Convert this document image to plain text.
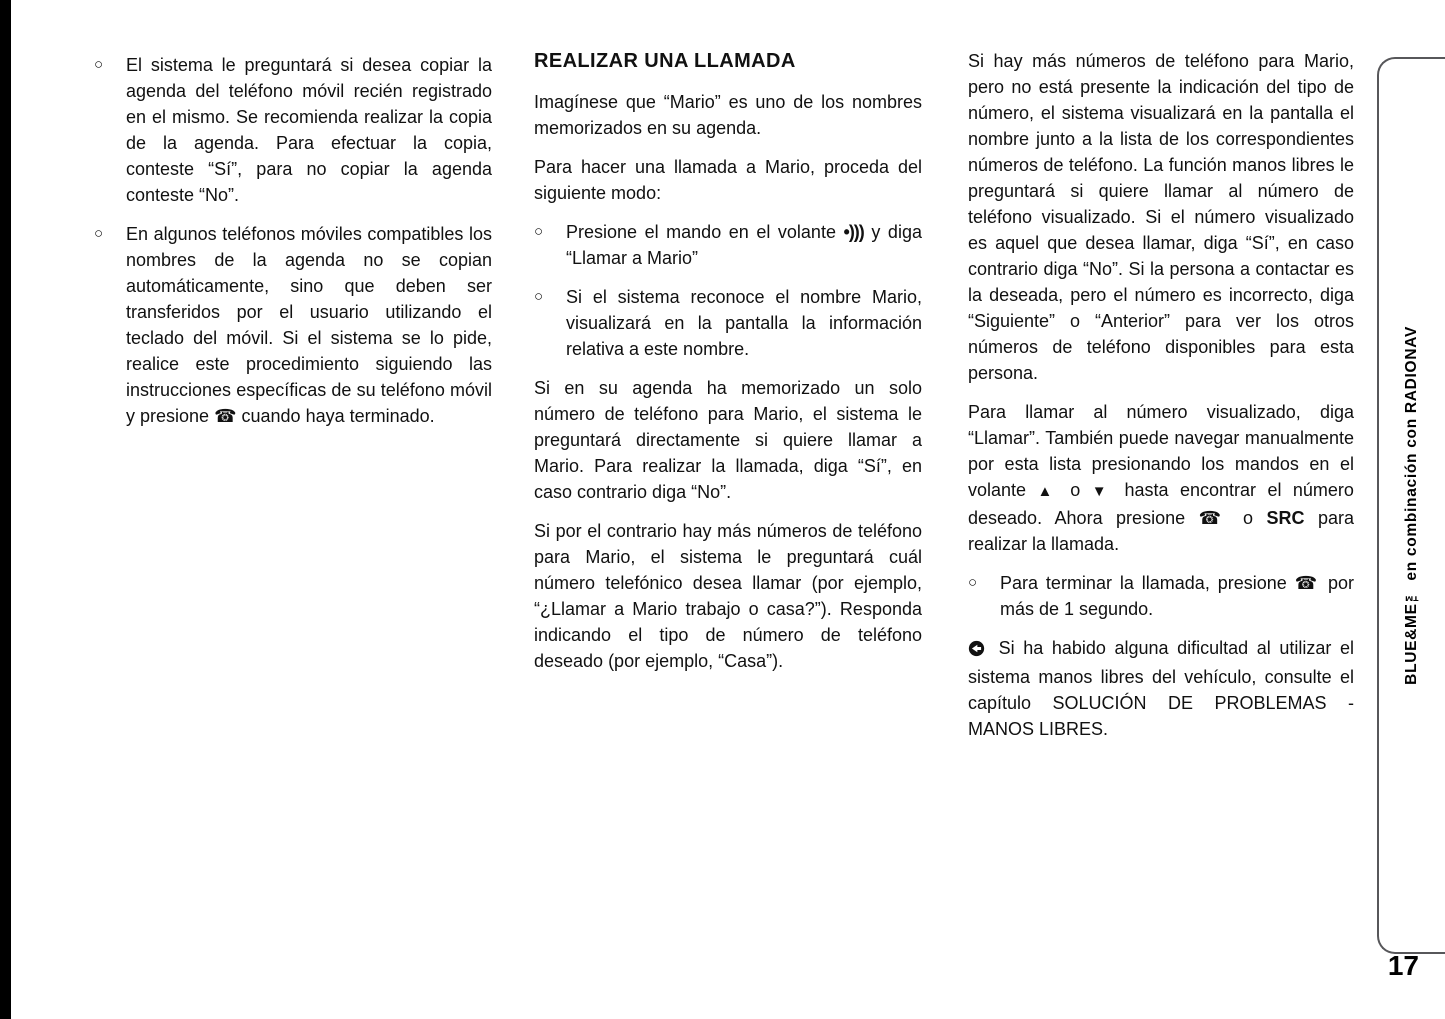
○	El sistema le preguntará si desea copiar la agenda del teléfono móvil recién registrado en el mismo. Se recomienda realizar la copia de la agenda. Para efectuar la copia, conteste “Sí”, para no copiar la agenda conteste “No”.

○	En algunos teléfonos móviles compatibles los nombres de la agenda no se copian automáticamente, sino que deben ser transferidos por el usuario utilizando el teclado del móvil. Si el sistema se lo pide, realice este procedimiento siguiendo las instrucciones específicas de su teléfono móvil y presione ☎ cuando haya terminado.

REALIZAR UNA LLAMADA

Imagínese que “Mario” es uno de los nombres memorizados en su agenda.

Para hacer una llamada a Mario, proceda del siguiente modo:

○	Presione el mando en el volante •))) y diga “Llamar a Mario”

○	Si el sistema reconoce el nombre Mario, visualizará en la pantalla la información relativa a este nombre.

Si en su agenda ha memorizado un solo número de teléfono para Mario, el sistema le preguntará directamente si quiere llamar a Mario. Para realizar la llamada, diga “Sí”, en caso contrario diga “No”.

Si por el contrario hay más números de teléfono para Mario, el sistema le preguntará cuál número telefónico desea llamar (por ejemplo, “¿Llamar a Mario trabajo o casa?”). Responda indicando el tipo de número de teléfono deseado (por ejemplo, “Casa”).

Si hay más números de teléfono para Mario, pero no está presente la indicación del tipo de número, el sistema visualizará en la pantalla el nombre junto a la lista de los correspondientes números de teléfono. La función manos libres le preguntará si quiere llamar al número de teléfono visualizado. Si el número visualizado es aquel que desea llamar, diga “Sí”, en caso contrario diga “No”. Si la persona a contactar es la deseada, pero el número es incorrecto, diga “Siguiente” o “Anterior” para ver los otros números de teléfono disponibles para esta persona.

Para llamar al número visualizado, diga “Llamar”. También puede navegar manualmente por esta lista presionando los mandos en el volante ▲ o ▼ hasta encontrar el número deseado. Ahora presione ☎ o SRC para realizar la llamada.

○	Para terminar la llamada, presione ☎ por más de 1 segundo.

Si ha habido alguna dificultad al utilizar el sistema manos libres del vehículo, consulte el capítulo SOLUCIÓN DE PROBLEMAS - MANOS LIBRES.

BLUE&ME™ en combinación con RADIONAV
17
